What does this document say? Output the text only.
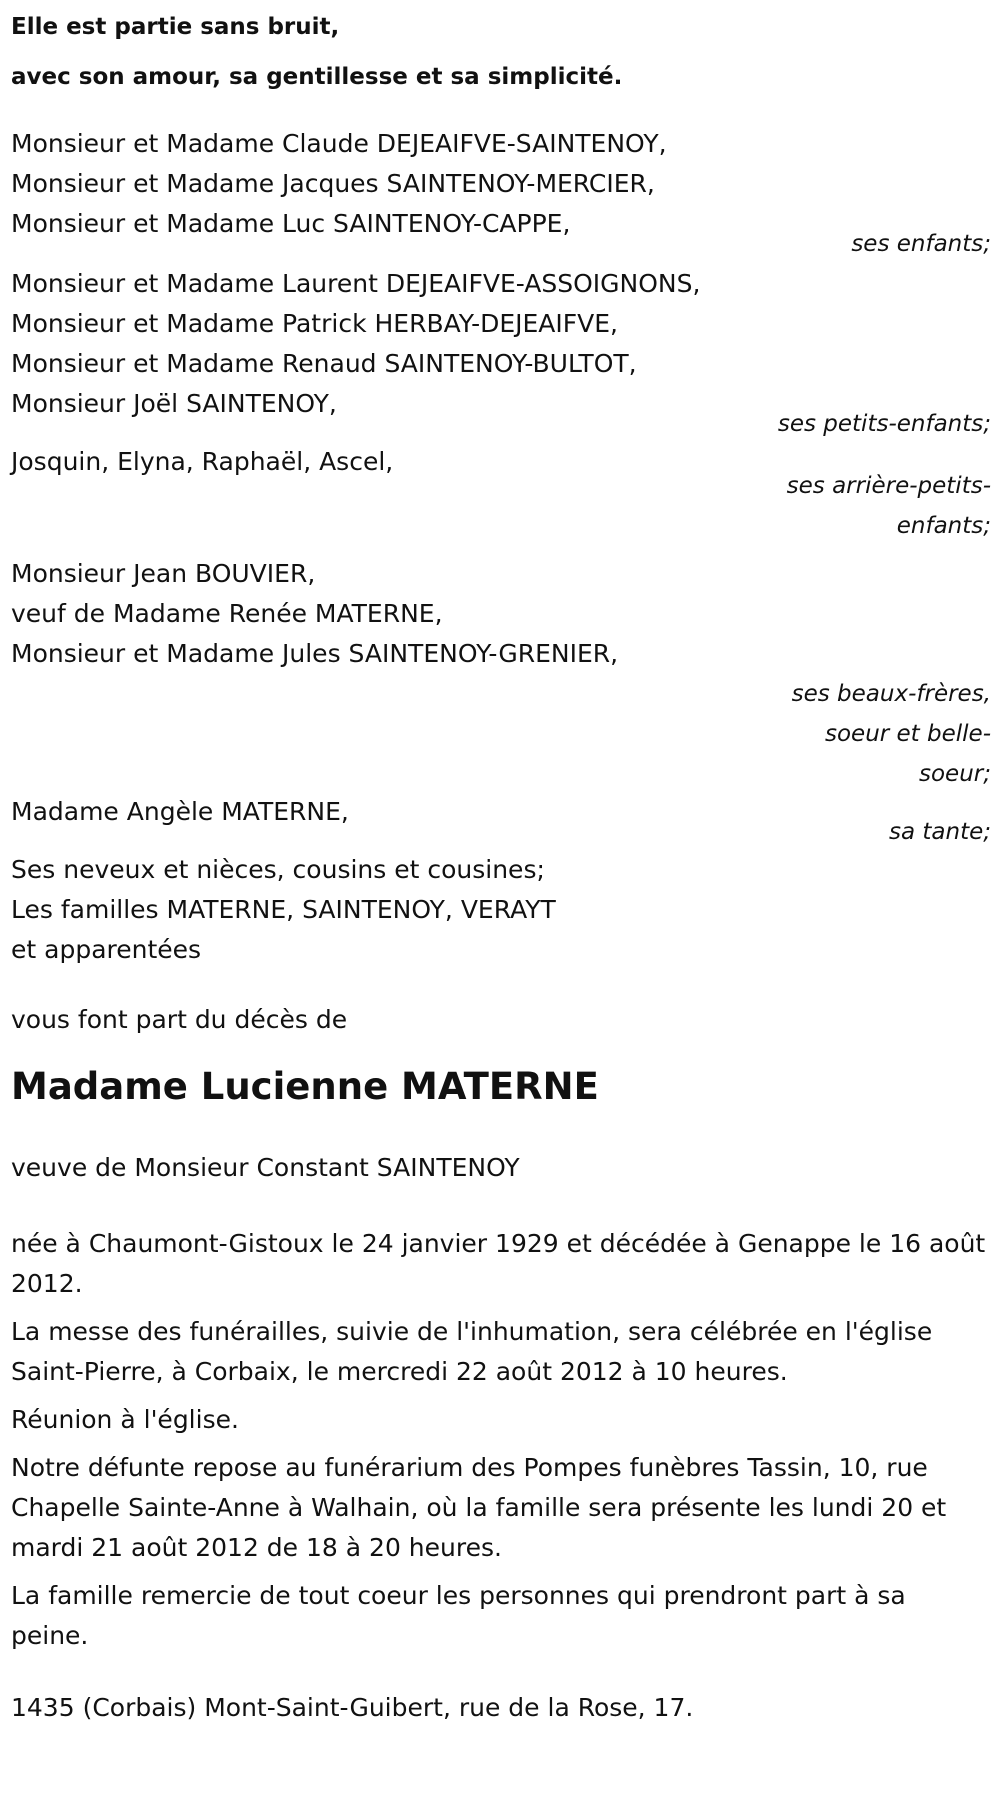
Elle est partie sans bruit,
avec son amour, sa gentillesse et sa simplicité.
Monsieur et Madame Claude DEJEAIFVE-SAINTENOY,
Monsieur et Madame Jacques SAINTENOY-MERCIER,
Monsieur et Madame Luc SAINTENOY-CAPPE,
ses enfants;
Monsieur et Madame Laurent DEJEAIFVE-ASSOIGNONS,
Monsieur et Madame Patrick HERBAY-DEJEAIFVE,
Monsieur et Madame Renaud SAINTENOY-BULTOT,
Monsieur Joël SAINTENOY,
ses petits-enfants;
Josquin, Elyna, Raphaël, Ascel,
ses arrière-petits-
enfants;
Monsieur Jean BOUVIER,
veuf de Madame Renée MATERNE,
Monsieur et Madame Jules SAINTENOY-GRENIER,
ses beaux-frères,
soeur et belle-
soeur;
Madame Angèle MATERNE,
sa tante;
Ses neveux et nièces, cousins et cousines;
Les familles MATERNE, SAINTENOY, VERAYT
et apparentées
vous font part du décès de
Madame Lucienne MATERNE

veuve de Monsieur Constant SAINTENOY

née à Chaumont-Gistoux le 24 janvier 1929 et décédée à Genappe le 16 août 2012.

La messe des funérailles, suivie de l'inhumation, sera célébrée en l'église Saint-Pierre, à Corbaix, le mercredi 22 août 2012 à 10 heures.

Réunion à l'église.

Notre défunte repose au funérarium des Pompes funèbres Tassin, 10, rue Chapelle Sainte-Anne à Walhain, où la famille sera présente les lundi 20 et mardi 21 août 2012 de 18 à 20 heures.

La famille remercie de tout coeur les personnes qui prendront part à sa peine.

1435 (Corbais) Mont-Saint-Guibert, rue de la Rose, 17.
